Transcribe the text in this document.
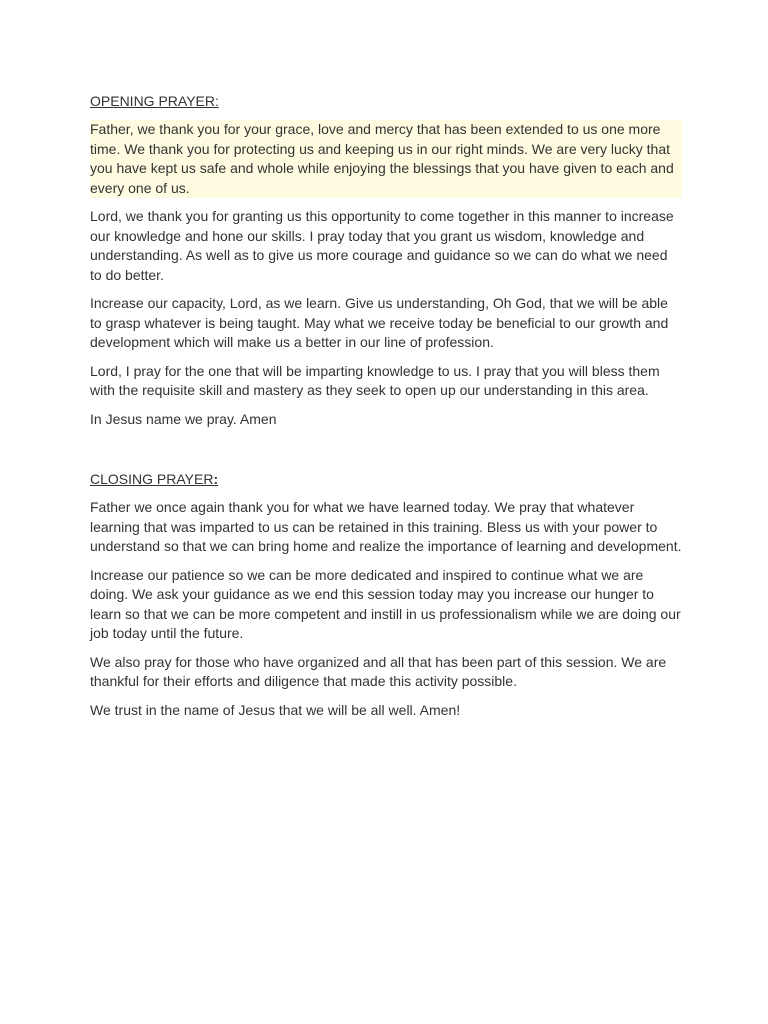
OPENING PRAYER:

Father, we thank you for your grace, love and mercy that has been extended to us one more time. We thank you for protecting us and keeping us in our right minds. We are very lucky that you have kept us safe and whole while enjoying the blessings that you have given to each and every one of us.

Lord, we thank you for granting us this opportunity to come together in this manner to increase our knowledge and hone our skills. I pray today that you grant us wisdom, knowledge and understanding. As well as to give us more courage and guidance so we can do what we need to do better.

Increase our capacity, Lord, as we learn. Give us understanding, Oh God, that we will be able to grasp whatever is being taught. May what we receive today be beneficial to our growth and development which will make us a better in our line of profession.

Lord, I pray for the one that will be imparting knowledge to us. I pray that you will bless them with the requisite skill and mastery as they seek to open up our understanding in this area.

In Jesus name we pray. Amen

CLOSING PRAYER:

Father we once again thank you for what we have learned today. We pray that whatever learning that was imparted to us can be retained in this training. Bless us with your power to understand so that we can bring home and realize the importance of learning and development.

Increase our patience so we can be more dedicated and inspired to continue what we are doing. We ask your guidance as we end this session today may you increase our hunger to learn so that we can be more competent and instill in us professionalism while we are doing our job today until the future.

We also pray for those who have organized and all that has been part of this session. We are thankful for their efforts and diligence that made this activity possible.

We trust in the name of Jesus that we will be all well. Amen!
